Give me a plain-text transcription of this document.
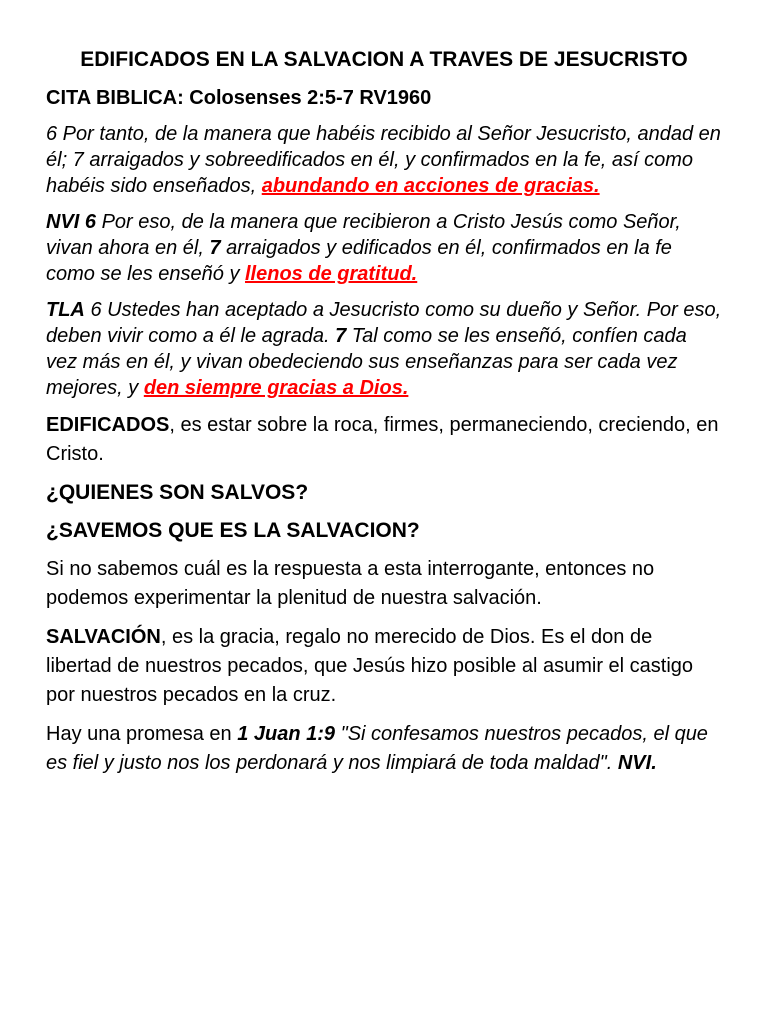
EDIFICADOS EN LA SALVACION A TRAVES DE JESUCRISTO
CITA BIBLICA: Colosenses 2:5-7 RV1960

6 Por tanto, de la manera que habéis recibido al Señor Jesucristo, andad en él; 7 arraigados y sobreedificados en él, y confirmados en la fe, así como habéis sido enseñados, abundando en acciones de gracias.

NVI 6 Por eso, de la manera que recibieron a Cristo Jesús como Señor, vivan ahora en él, 7 arraigados y edificados en él, confirmados en la fe como se les enseñó y llenos de gratitud.

TLA 6 Ustedes han aceptado a Jesucristo como su dueño y Señor. Por eso, deben vivir como a él le agrada. 7 Tal como se les enseñó, confíen cada vez más en él, y vivan obedeciendo sus enseñanzas para ser cada vez mejores, y den siempre gracias a Dios.

EDIFICADOS, es estar sobre la roca, firmes, permaneciendo, creciendo, en Cristo.

¿QUIENES SON SALVOS?
¿SAVEMOS QUE ES LA SALVACION?

Si no sabemos cuál es la respuesta a esta interrogante, entonces no podemos experimentar la plenitud de nuestra salvación.

SALVACIÓN, es la gracia, regalo no merecido de Dios. Es el don de libertad de nuestros pecados, que Jesús hizo posible al asumir el castigo por nuestros pecados en la cruz.

Hay una promesa en 1 Juan 1:9 "Si confesamos nuestros pecados, el que es fiel y justo nos los perdonará y nos limpiará de toda maldad". NVI.
